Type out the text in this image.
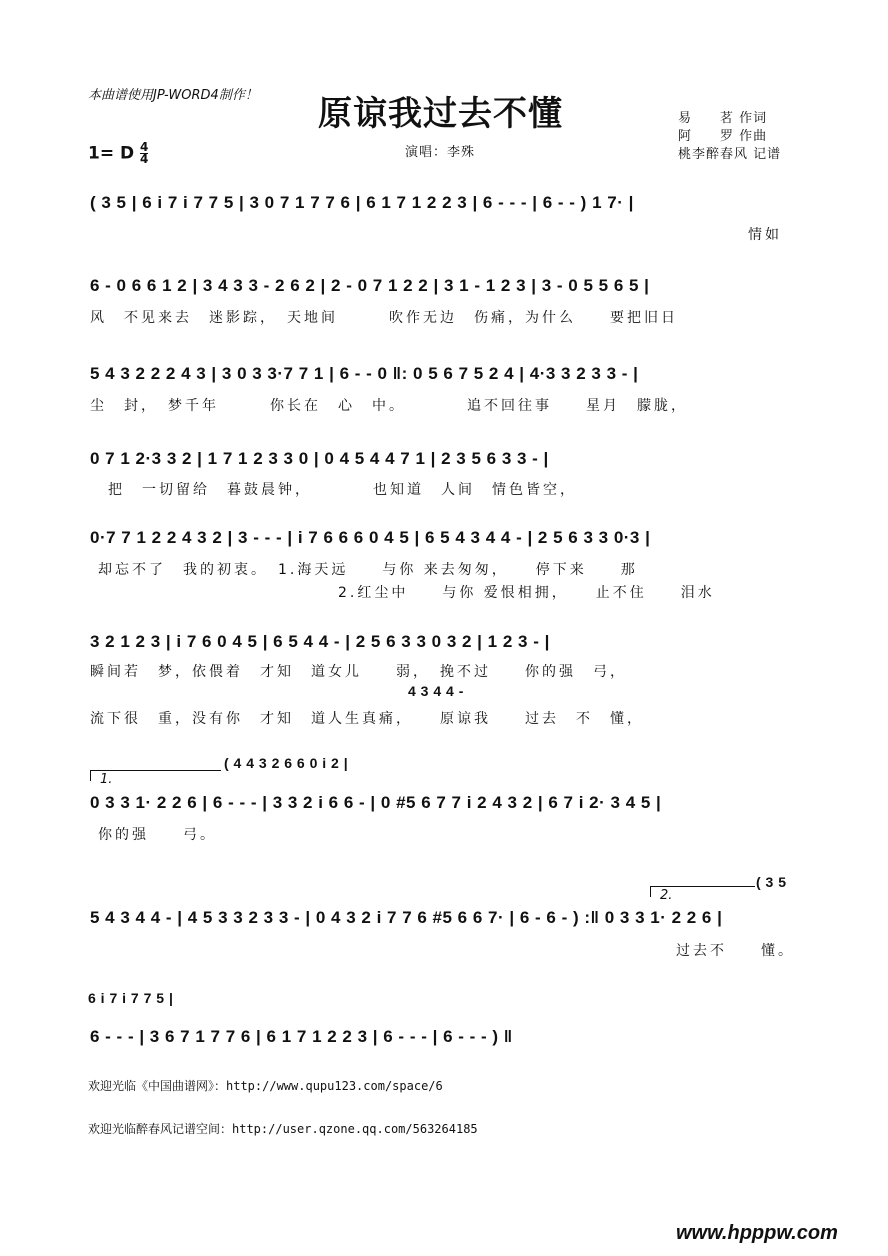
本曲谱使用JP-WORD4制作！ 原谅我过去不懂
1= D $\frac{4}{4}$	演唱：李殊
易　　茗 作词
阿　　罗 作曲
桃李醉春风 记谱
( 3 5 | 6 i 7 i 7 7 5 | 3 0 7 1 7 7 6 | 6 1 7 1 2 2 3 | 6 - - - | 6 - - ) 1 7· |
情如
6 - 0 6 6 1 2 | 3 4 3 3 - 2 6 2 | 2 - 0 7 1 2 2 | 3 1 - 1 2 3 | 3 - 0 5 5 6 5 |
风　不见来去　迷影踪，　天地间　　　吹作无边　伤痛，为什么　　要把旧日
5 4 3 2 2 2 4 3 | 3 0 3 3·7 7 1 | 6 - - 0 ‖: 0 5 6 7 5 2 4 | 4·3 3 2 3 3 - |
尘　封，　梦千年　　　你长在　心　中。　　　　追不回往事　　星月　朦胧，
0 7 1 2·3 3 2 | 1 7 1 2 3 3 0 | 0 4 5 4 4 7 1 | 2 3 5 6 3 3 - |
把　一切留给　暮鼓晨钟，　　　　也知道　人间　情色皆空，
0·7 7 1 2 2 4 3 2 | 3 - - - | i 7 6 6 6 0 4 5 | 6 5 4 3 4 4 - | 2 5 6 3 3 0·3 |
却忘不了　我的初衷。　1.海天远　　与你 来去匆匆，　　停下来　　那
2.红尘中　　与你 爱恨相拥，　　止不住　　泪水
3 2 1 2 3 | i 7 6 0 4 5 | 6 5 4 4 - | 2 5 6 3 3 0 3 2 | 1 2 3 - |
瞬间若　梦，依偎着　才知　道女儿　　弱，　挽不过　　你的强　弓，
4 3 4 4 -
流下很　重，没有你　才知　道人生真痛，　　原谅我　　过去　不　懂，
( 4 4 3 2 6 6 0 i 2 |
1.
0 3 3 1· 2 2 6 | 6 - - - | 3 3 2 i 6 6 - | 0 #5 6 7 7 i 2 4 3 2 | 6 7 i 2· 3 4 5 |
你的强　　弓。
2.
( 3 5
5 4 3 4 4 - | 4 5 3 3 2 3 3 - | 0 4 3 2 i 7 7 6 #5 6 6 7· | 6 - 6 - ) :‖ 0 3 3 1· 2 2 6 |
过去不　　懂。
6 i 7 i 7 7 5 |
6 - - - | 3 6 7 1 7 7 6 | 6 1 7 1 2 2 3 | 6 - - - | 6 - - - ) ‖
欢迎光临《中国曲谱网》：http://www.qupu123.com/space/6
欢迎光临醉春风记谱空间：http://user.qzone.qq.com/563264185
www.hpppw.com
